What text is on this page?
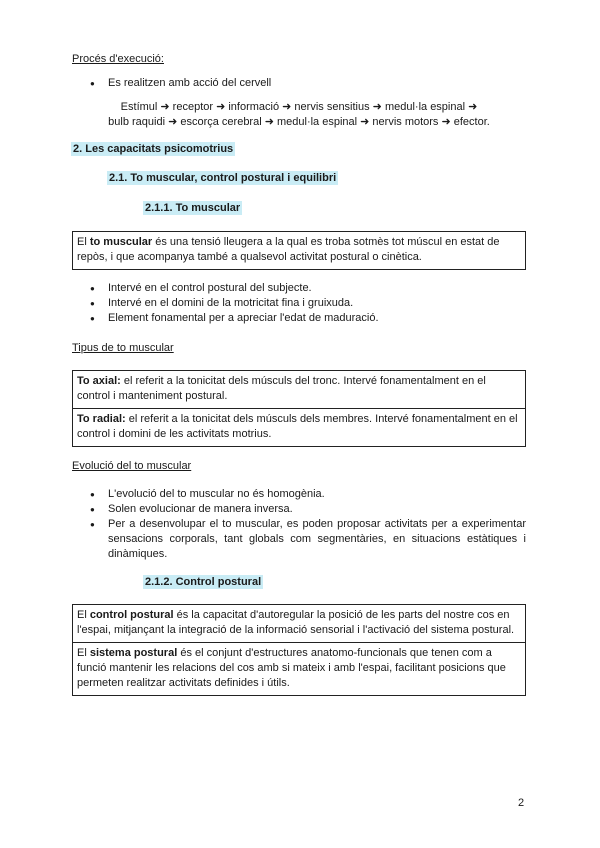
Procés d'execució:
● Es realitzen amb acció del cervell
Estímul ➜ receptor ➜ informació ➜ nervis sensitius ➜ medul·la espinal ➜
bulb raquidi ➜ escorça cerebral ➜ medul·la espinal ➜ nervis motors ➜ efector.
2. Les capacitats psicomotrius
2.1. To muscular, control postural i equilibri
2.1.1. To muscular
El to muscular és una tensió lleugera a la qual es troba sotmès tot múscul en estat de repòs, i que acompanya també a qualsevol activitat postural o cinètica.
● Intervé en el control postural del subjecte.
● Intervé en el domini de la motricitat fina i gruixuda.
● Element fonamental per a apreciar l'edat de maduració.
Tipus de to muscular
To axial: el referit a la tonicitat dels músculs del tronc. Intervé fonamentalment en el control i manteniment postural.
To radial: el referit a la tonicitat dels músculs dels membres. Intervé fonamentalment en el control i domini de les activitats motrius.
Evolució del to muscular
● L'evolució del to muscular no és homogènia.
● Solen evolucionar de manera inversa.
● Per a desenvolupar el to muscular, es poden proposar activitats per a experimentar sensacions corporals, tant globals com segmentàries, en situacions estàtiques i dinàmiques.
2.1.2. Control postural
El control postural és la capacitat d'autoregular la posició de les parts del nostre cos en l'espai, mitjançant la integració de la informació sensorial i l'activació del sistema postural.
El sistema postural és el conjunt d'estructures anatomo-funcionals que tenen com a funció mantenir les relacions del cos amb si mateix i amb l'espai, facilitant posicions que permeten realitzar activitats definides i útils.
2
